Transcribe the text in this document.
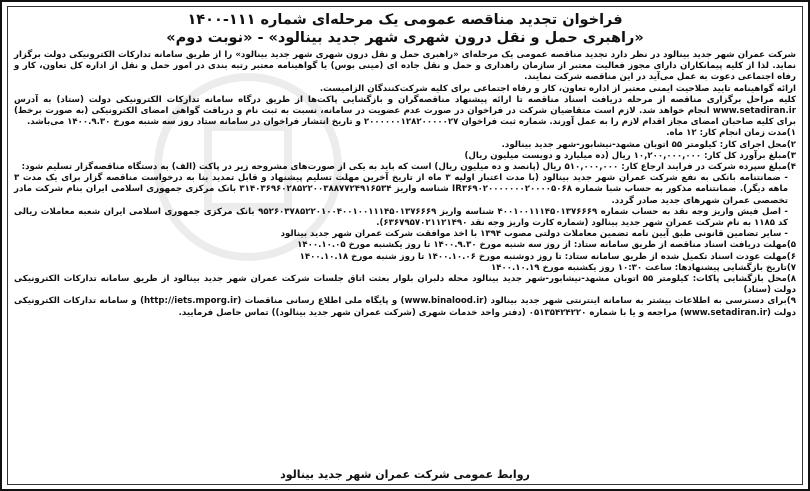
فراخوان تجدید مناقصه عمومی یک مرحله‌ای شماره ۱۱۱-۱۴۰۰
«راهبری حمل و نقل درون شهری شهر جدید بینالود» - «نوبت دوم»

شرکت عمران شهر جدید بینالود در نظر دارد تجدید مناقصه عمومی یک مرحله‌ای «راهبری حمل و نقل درون شهری شهر جدید بینالود» را از طریق سامانه تدارکات الکترونیکی دولت برگزار نماید. لذا از کلیه پیمانکاران دارای مجوز فعالیت معتبر از سازمان راهداری و حمل و نقل جاده ای (مینی بوس) یا گواهینامه معتبر رتبه بندی در امور حمل و نقل از اداره کل تعاون، کار و رفاه اجتماعی دعوت به عمل می‌آید در این مناقصه شرکت نمایند.

ارائه گواهینامه تایید صلاحیت ایمنی معتبر از اداره تعاون، کار و رفاه اجتماعی برای کلیه شرکت‌کنندگان الزامیست.

کلیه مراحل برگزاری مناقصه از مرحله دریافت اسناد مناقصه تا ارائه پیشنهاد مناقصه‌گران و بازگشایی پاکت‌ها از طریق درگاه سامانه تدارکات الکترونیکی دولت (ستاد) به آدرس www.setadiran.ir انجام خواهد شد. لازم است متقاضیان شرکت در فراخوان در صورت عدم عضویت در سامانه، نسبت به ثبت نام و دریافت گواهی امضای الکترونیکی (به صورت برخط) برای کلیه صاحبان امضای مجاز اقدام لازم را به عمل آورند. شماره ثبت فراخوان ۲۰۰۰۰۰۰۱۲۸۲۰۰۰۰۰۲۷ و تاریخ انتشار فراخوان در سامانه ستاد روز سه شنبه مورخ ۱۴۰۰.۹.۳۰ می‌باشد.

۱)مدت زمان انجام کار: ۱۲ ماه.

۲)محل اجرای کار: کیلومتر ۵۵ اتوبان مشهد-نیشابور-شهر جدید بینالود.

۳)مبلغ برآورد کل کار: ۱۰,۲۰۰,۰۰۰,۰۰۰ ریال (ده میلیارد و دویست میلیون ریال)

۴)مبلغ سپرده شرکت در فرایند ارجاع کار: ۵۱۰,۰۰۰,۰۰۰ ریال (پانصد و ده میلیون ریال) است که باید به یکی از صورت‌های مشروحه زیر در پاکت (الف) به دستگاه مناقصه‌گزار تسلیم شود:

- ضمانتنامه بانکی به نفع شرکت عمران شهر جدید بینالود (با مدت اعتبار اولیه ۳ ماه از تاریخ آخرین مهلت تسلیم پیشنهاد و قابل تمدید بنا به درخواست مناقصه گزار برای یک مدت ۳ ماهه دیگر). ضمانتنامه مذکور به حساب شبا شماره IR۳۶۹۰۲۰۰۰۰۰۰۰۲۰۰۰۰۵۰۶۸ شناسه واریز ۳۱۴۰۳۶۹۶۰۲۸۵۲۲۰۰۳۸۸۷۷۲۴۹۱۶۵۳۴ بانک مرکزی جمهوری اسلامی ایران بنام شرکت مادر تخصصی عمران شهرهای جدید صادر گردد.

- اصل فیش واریز وجه نقد به حساب شماره ۴۰۰۱۰۰۱۱۱۴۵۰۱۳۷۶۶۶۹ شناسه واریز ۹۵۲۶۰۳۷۸۵۲۲۰۱۰۰۴۰۰۱۰۰۱۱۱۴۵۰۱۳۷۶۶۶۹ بانک مرکزی جمهوری اسلامی ایران شعبه معاملات ریالی کد ۱۱۸۵ به نام شرکت عمران شهر جدید بینالود (شماره کارت واریز وجه نقد ۶۳۶۷۹۵۷۰۲۱۱۲۱۴۹۰).

- سایر تضامین قانونی طبق آیین نامه تضمین معاملات دولتی مصوب ۱۳۹۴ با اخذ موافقت شرکت عمران شهر جدید بینالود

۵)مهلت دریافت اسناد مناقصه از طریق سامانه ستاد: از روز سه شنبه مورخ ۱۴۰۰.۹.۳۰ تا روز یکشنبه مورخ ۱۴۰۰.۱۰.۰۵

۶)مهلت عودت اسناد تکمیل شده از طریق سامانه ستاد: تا روز دوشنبه مورخ ۱۴۰۰.۱۰.۰۶ تا روز شنبه مورخ ۱۴۰۰.۱۰.۱۸

۷)تاریخ بازگشایی پیشنهادها: ساعت ۱۰:۳۰ روز یکشنبه مورخ ۱۴۰۰.۱۰.۱۹

۸)محل بازگشایی پاکات: کیلومتر ۵۵ اتوبان مشهد-نیشابور-شهر جدید بینالود محله دلبران بلوار بعثت اتاق جلسات شرکت عمران شهر جدید بینالود از طریق سامانه تدارکات الکترونیکی دولت (ستاد)

۹)برای دسترسی به اطلاعات بیشتر به سامانه اینترنتی شهر جدید بینالود (www.binalood.ir) و پایگاه ملی اطلاع رسانی مناقصات (http://iets.mporg.ir) و سامانه تدارکات الکترونیکی دولت (www.setadiran.ir) مراجعه و یا با شماره ۰۵۱۳۵۴۲۴۲۲۰ (دفتر واحد خدمات شهری (شرکت عمران شهر جدید بینالود)) تماس حاصل فرمایید.

روابط عمومی شرکت عمران شهر جدید بینالود
